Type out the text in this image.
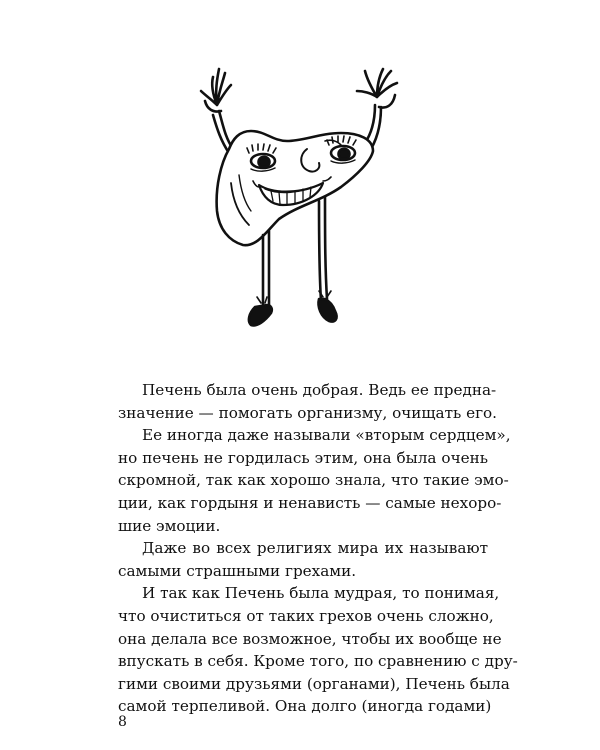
Печень была очень добрая. Ведь ее предна-
значение — помогать организму, очищать его.
Ее иногда даже называли «вторым сердцем»,
но печень не гордилась этим, она была очень
скромной, так как хорошо знала, что такие эмо-
ции, как гордыня и ненависть — самые нехоро-
шие эмоции.
Даже во всех религиях мира их называют
самыми страшными грехами.
И так как Печень была мудрая, то понимая,
что очиститься от таких грехов очень сложно,
она делала все возможное, чтобы их вообще не
впускать в себя. Кроме того, по сравнению с дру-
гими своими друзьями (органами), Печень была
самой терпеливой. Она долго (иногда годами)
8
